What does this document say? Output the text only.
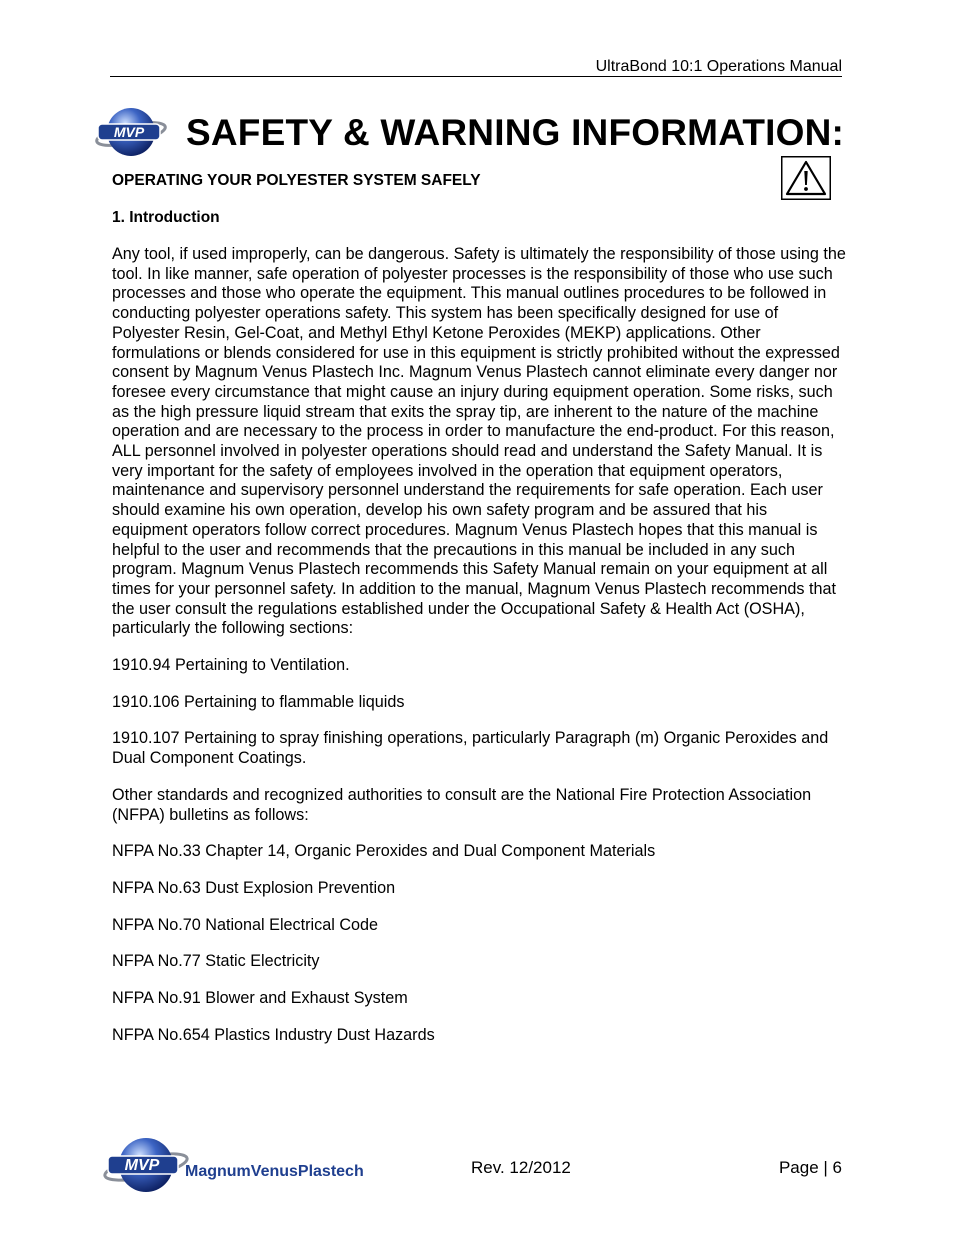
UltraBond 10:1 Operations Manual
MVP SAFETY & WARNING INFORMATION:
OPERATING YOUR POLYESTER SYSTEM SAFELY
1. Introduction

Any tool, if used improperly, can be dangerous. Safety is ultimately the responsibility of those using the tool. In like manner, safe operation of polyester processes is the responsibility of those who use such processes and those who operate the equipment. This manual outlines procedures to be followed in conducting polyester operations safety. This system has been specifically designed for use of Polyester Resin, Gel-Coat, and Methyl Ethyl Ketone Peroxides (MEKP) applications. Other formulations or blends considered for use in this equipment is strictly prohibited without the expressed consent by Magnum Venus Plastech Inc. Magnum Venus Plastech cannot eliminate every danger nor foresee every circumstance that might cause an injury during equipment operation. Some risks, such as the high pressure liquid stream that exits the spray tip, are inherent to the nature of the machine operation and are necessary to the process in order to manufacture the end-product. For this reason, ALL personnel involved in polyester operations should read and understand the Safety Manual. It is very important for the safety of employees involved in the operation that equipment operators, maintenance and supervisory personnel understand the requirements for safe operation. Each user should examine his own operation, develop his own safety program and be assured that his equipment operators follow correct procedures. Magnum Venus Plastech hopes that this manual is helpful to the user and recommends that the precautions in this manual be included in any such program. Magnum Venus Plastech recommends this Safety Manual remain on your equipment at all times for your personnel safety. In addition to the manual, Magnum Venus Plastech recommends that the user consult the regulations established under the Occupational Safety & Health Act (OSHA), particularly the following sections:

1910.94 Pertaining to Ventilation.

1910.106 Pertaining to flammable liquids

1910.107 Pertaining to spray finishing operations, particularly Paragraph (m) Organic Peroxides and Dual Component Coatings.

Other standards and recognized authorities to consult are the National Fire Protection Association (NFPA) bulletins as follows:

NFPA No.33 Chapter 14, Organic Peroxides and Dual Component Materials

NFPA No.63 Dust Explosion Prevention

NFPA No.70 National Electrical Code

NFPA No.77 Static Electricity

NFPA No.91 Blower and Exhaust System

NFPA No.654 Plastics Industry Dust Hazards

MVP MagnumVenusPlastech	Rev. 12/2012	Page | 6
